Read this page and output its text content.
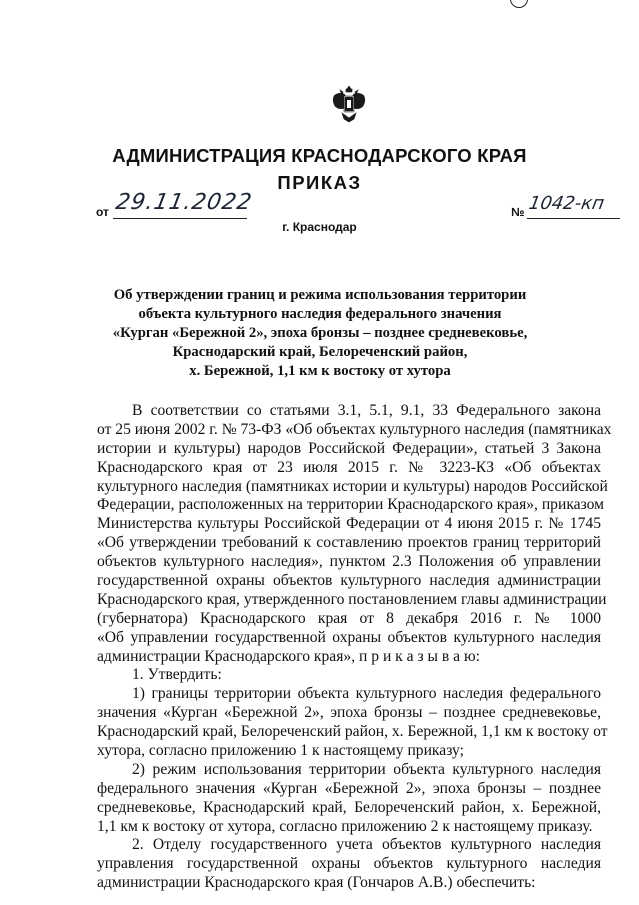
АДМИНИСТРАЦИЯ КРАСНОДАРСКОГО КРАЯ
ПРИКАЗ
от 29.11.2022
г. Краснодар
№ 1042-кп
Об утверждении границ и режима использования территории
объекта культурного наследия федерального значения
«Курган «Бережной 2», эпоха бронзы – позднее средневековье,
Краснодарский край, Белореченский район,
х. Бережной, 1,1 км к востоку от хутора
В соответствии со статьями 3.1, 5.1, 9.1, 33 Федерального закона
от 25 июня 2002 г. № 73-ФЗ «Об объектах культурного наследия (памятниках
истории и культуры) народов Российской Федерации», статьей 3 Закона
Краснодарского края от 23 июля 2015 г. № 3223-КЗ «Об объектах
культурного наследия (памятниках истории и культуры) народов Российской
Федерации, расположенных на территории Краснодарского края», приказом
Министерства культуры Российской Федерации от 4 июня 2015 г. № 1745
«Об утверждении требований к составлению проектов границ территорий
объектов культурного наследия», пунктом 2.3 Положения об управлении
государственной охраны объектов культурного наследия администрации
Краснодарского края, утвержденного постановлением главы администрации
(губернатора) Краснодарского края от 8 декабря 2016 г. № 1000
«Об управлении государственной охраны объектов культурного наследия
администрации Краснодарского края», п р и к а з ы в а ю:
1. Утвердить:
1) границы территории объекта культурного наследия федерального
значения «Курган «Бережной 2», эпоха бронзы – позднее средневековье,
Краснодарский край, Белореченский район, х. Бережной, 1,1 км к востоку от
хутора, согласно приложению 1 к настоящему приказу;
2) режим использования территории объекта культурного наследия
федерального значения «Курган «Бережной 2», эпоха бронзы – позднее
средневековье, Краснодарский край, Белореченский район, х. Бережной,
1,1 км к востоку от хутора, согласно приложению 2 к настоящему приказу.
2. Отделу государственного учета объектов культурного наследия
управления государственной охраны объектов культурного наследия
администрации Краснодарского края (Гончаров А.В.) обеспечить:
